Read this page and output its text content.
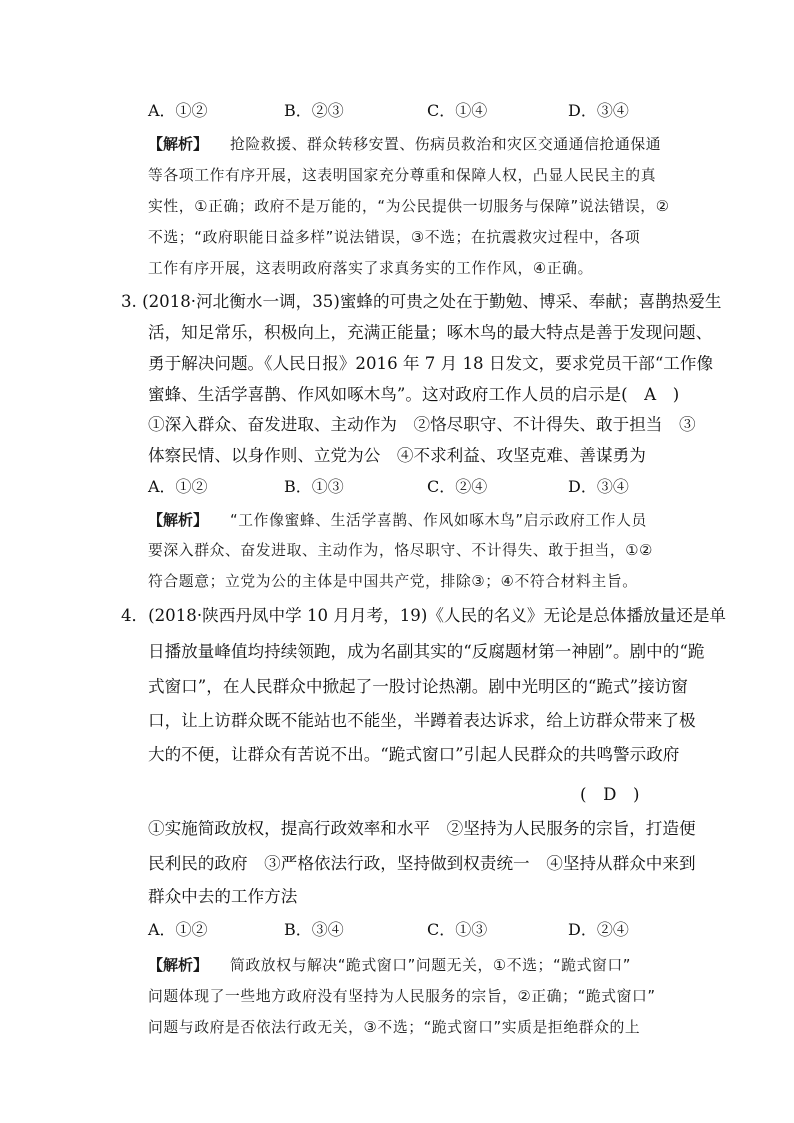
A．①②	B．②③	C．①④	D．③④
【解析】 抢险救援、群众转移安置、伤病员救治和灾区交通通信抢通保通
等各项工作有序开展，这表明国家充分尊重和保障人权，凸显人民民主的真
实性，①正确；政府不是万能的，“为公民提供一切服务与保障”说法错误，②
不选；“政府职能日益多样”说法错误，③不选；在抗震救灾过程中，各项
工作有序开展，这表明政府落实了求真务实的工作作风，④正确。
3. (2018·河北衡水一调，35)蜜蜂的可贵之处在于勤勉、博采、奉献；喜鹊热爱生
活，知足常乐，积极向上，充满正能量；啄木鸟的最大特点是善于发现问题、
勇于解决问题。《人民日报》2016 年 7 月 18 日发文，要求党员干部“工作像
蜜蜂、生活学喜鹊、作风如啄木鸟”。这对政府工作人员的启示是(　A　)
①深入群众、奋发进取、主动作为　②恪尽职守、不计得失、敢于担当　③
体察民情、以身作则、立党为公　④不求利益、攻坚克难、善谋勇为
A．①②	B．①③	C．②④	D．③④
【解析】 “工作像蜜蜂、生活学喜鹊、作风如啄木鸟”启示政府工作人员
要深入群众、奋发进取、主动作为，恪尽职守、不计得失、敢于担当，①②
符合题意；立党为公的主体是中国共产党，排除③；④不符合材料主旨。
4．(2018·陕西丹凤中学 10 月月考，19)《人民的名义》无论是总体播放量还是单
日播放量峰值均持续领跑，成为名副其实的“反腐题材第一神剧”。剧中的“跪
式窗口”，在人民群众中掀起了一股讨论热潮。剧中光明区的“跪式”接访窗
口，让上访群众既不能站也不能坐，半蹲着表达诉求，给上访群众带来了极
大的不便，让群众有苦说不出。“跪式窗口”引起人民群众的共鸣警示政府
(　D　)
①实施简政放权，提高行政效率和水平　②坚持为人民服务的宗旨，打造便
民利民的政府　③严格依法行政，坚持做到权责统一　④坚持从群众中来到
群众中去的工作方法
A．①②	B．③④	C．①③	D．②④
【解析】 简政放权与解决“跪式窗口”问题无关，①不选；“跪式窗口”
问题体现了一些地方政府没有坚持为人民服务的宗旨，②正确；“跪式窗口”
问题与政府是否依法行政无关，③不选；“跪式窗口”实质是拒绝群众的上
